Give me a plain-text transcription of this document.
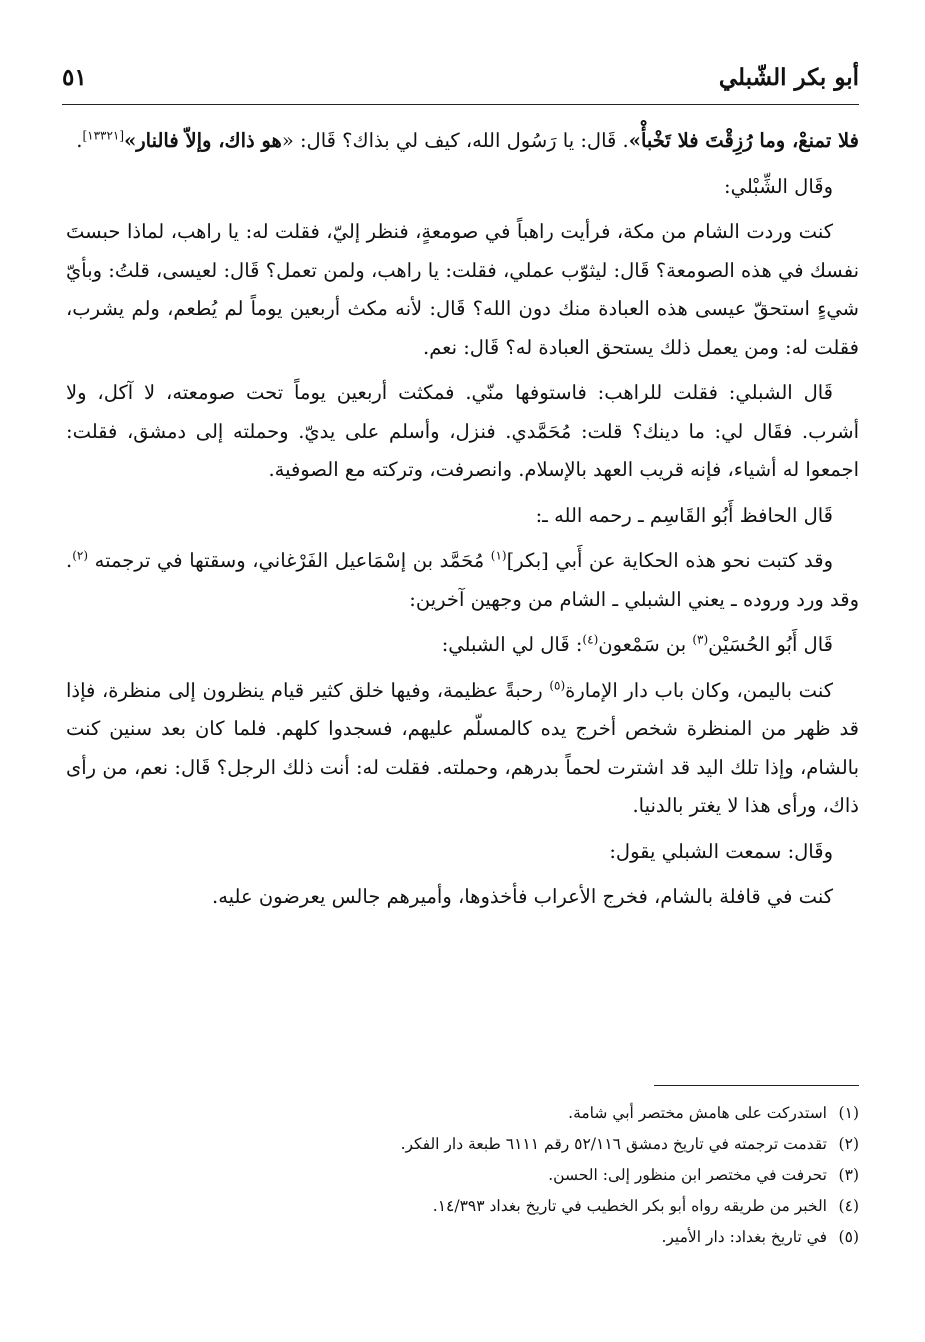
أبو بكر الشّبلي
٥١

فلا تمنعْ، وما رُزِقْتَ فلا تَخْبأْ». قَال: يا رَسُول الله، كيف لي بذاك؟ قَال: «هو ذاك، وإلاّ فالنار»[١٣٣٢١].

وقَال الشِّبْلي:

كنت وردت الشام من مكة، فرأيت راهباً في صومعةٍ، فنظر إليّ، فقلت له: يا راهب، لماذا حبستَ نفسك في هذه الصومعة؟ قَال: ليثوّب عملي، فقلت: يا راهب، ولمن تعمل؟ قَال: لعيسى، قلتُ: وبأيّ شيءٍ استحقّ عيسى هذه العبادة منك دون الله؟ قَال: لأنه مكث أربعين يوماً لم يُطعم، ولم يشرب، فقلت له: ومن يعمل ذلك يستحق العبادة له؟ قَال: نعم.

قَال الشبلي: فقلت للراهب: فاستوفها منّي. فمكثت أربعين يوماً تحت صومعته، لا آكل، ولا أشرب. فقَال لي: ما دينك؟ قلت: مُحَمَّدي. فنزل، وأسلم على يديّ. وحملته إلى دمشق، فقلت: اجمعوا له أشياء، فإنه قريب العهد بالإسلام. وانصرفت، وتركته مع الصوفية.

قَال الحافظ أَبُو القَاسِم ـ رحمه الله ـ:

وقد كتبت نحو هذه الحكاية عن أَبي [بكر]$^{(١)}$ مُحَمَّد بن إسْمَاعيل الفَرْغاني، وسقتها في ترجمته $^{(٢)}$. وقد ورد وروده ـ يعني الشبلي ـ الشام من وجهين آخرين:

قَال أَبُو الحُسَيْن$^{(٣)}$ بن سَمْعون$^{(٤)}$: قَال لي الشبلي:

كنت باليمن، وكان باب دار الإمارة$^{(٥)}$ رحبةً عظيمة، وفيها خلق كثير قيام ينظرون إلى منظرة، فإذا قد ظهر من المنظرة شخص أخرج يده كالمسلّم عليهم، فسجدوا كلهم. فلما كان بعد سنين كنت بالشام، وإذا تلك اليد قد اشترت لحماً بدرهم، وحملته. فقلت له: أنت ذلك الرجل؟ قَال: نعم، من رأى ذاك، ورأى هذا لا يغتر بالدنيا.

وقَال: سمعت الشبلي يقول:

كنت في قافلة بالشام، فخرج الأعراب فأخذوها، وأميرهم جالس يعرضون عليه.

(١)استدركت على هامش مختصر أبي شامة.
(٢)تقدمت ترجمته في تاريخ دمشق ٥٢/١١٦ رقم ٦١١١ طبعة دار الفكر.
(٣)تحرفت في مختصر ابن منظور إلى: الحسن.
(٤)الخبر من طريقه رواه أبو بكر الخطيب في تاريخ بغداد ١٤/٣٩٣.
(٥)في تاريخ بغداد: دار الأمير.
